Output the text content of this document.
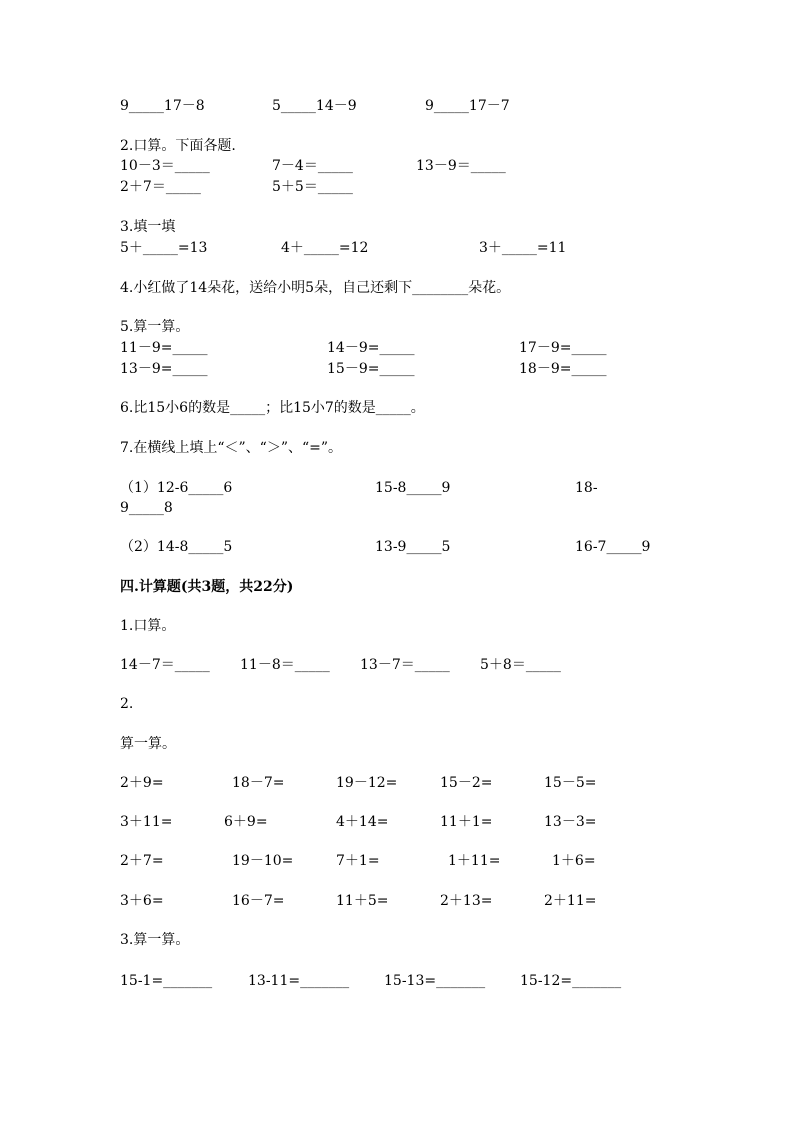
9_____17－8	5_____14－9	9_____17－7
2.口算。下面各题.
10－3＝_____	7－4＝_____	13－9＝_____
2＋7＝_____	5＋5＝_____
3.填一填
5＋_____=13	4＋_____=12	3＋_____=11
4.小红做了14朵花，送给小明5朵，自己还剩下________朵花。
5.算一算。
11－9=_____	14－9=_____	17－9=_____
13－9=_____	15－9=_____	18－9=_____
6.比15小6的数是_____；比15小7的数是_____。
7.在横线上填上“＜”、“＞”、“=”。
（1）12-6_____6	15-8_____9	18-
9_____8
（2）14-8_____5	13-9_____5	16-7_____9
四.计算题(共3题，共22分)
1.口算。
14－7＝_____ 11－8＝_____ 13－7＝_____ 5＋8＝_____
2.
算一算。
2＋9=	18－7=	19－12=	15－2=	15－5=
3＋11=	6＋9=	4＋14=	11＋1=	13－3=
2＋7=	19－10=	7＋1=	1＋11=	1＋6=
3＋6=	16－7=	11＋5=	2＋13=	2＋11=
3.算一算。
15-1=_______	13-11=_______ 15-13=_______ 15-12=_______
